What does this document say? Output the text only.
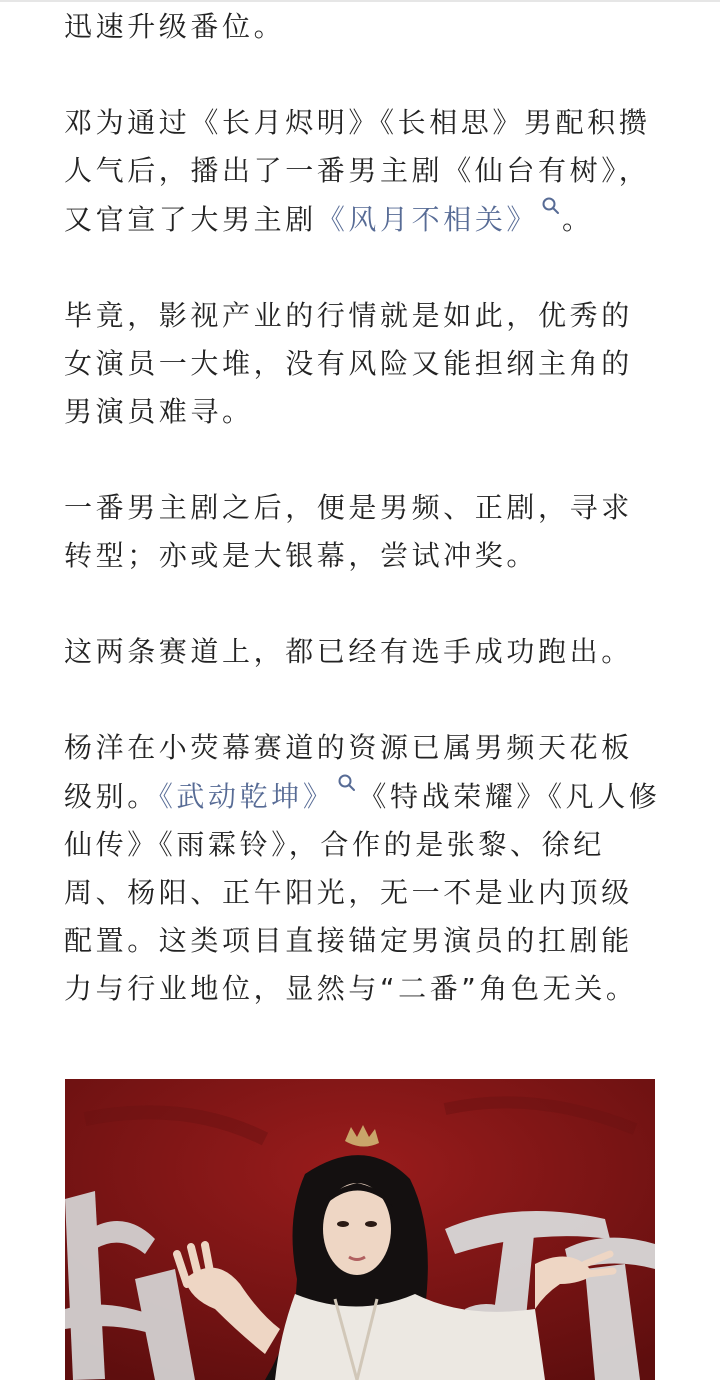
迅速升级番位。

邓为通过《长月烬明》《长相思》男配积攒人气后，播出了一番男主剧《仙台有树》，又官宣了大男主剧《风月不相关》 。

毕竟，影视产业的行情就是如此，优秀的女演员一大堆，没有风险又能担纲主角的男演员难寻。

一番男主剧之后，便是男频、正剧，寻求转型；亦或是大银幕，尝试冲奖。

这两条赛道上，都已经有选手成功跑出。

杨洋在小荧幕赛道的资源已属男频天花板级别。《武动乾坤》 《特战荣耀》《凡人修仙传》《雨霖铃》，合作的是张黎、徐纪周、杨阳、正午阳光，无一不是业内顶级配置。这类项目直接锚定男演员的扛剧能力与行业地位，显然与“二番”角色无关。
